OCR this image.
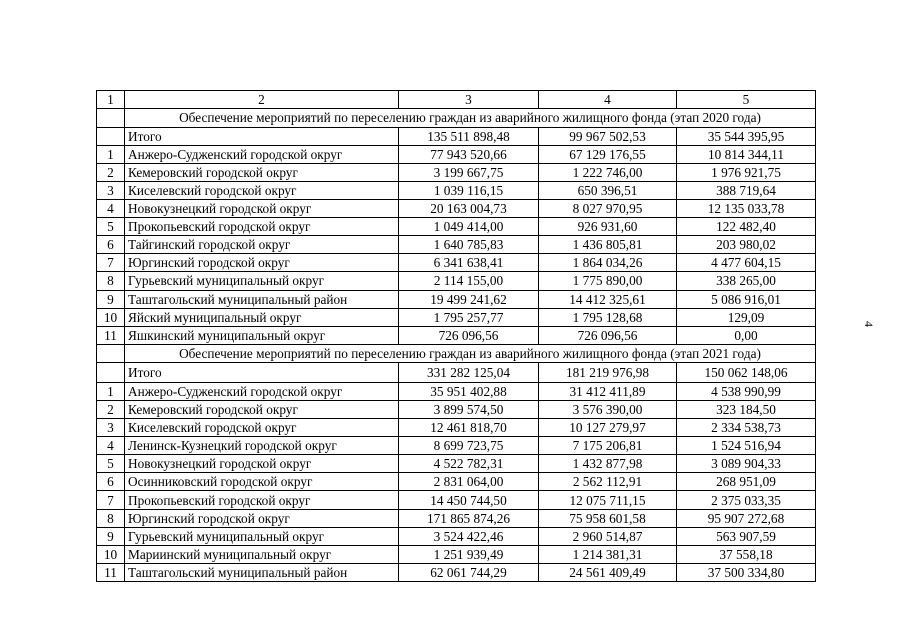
1	2	3	4	5
	Обеспечение мероприятий по переселению граждан из аварийного жилищного фонда (этап 2020 года)			
	Итого	135 511 898,48	99 967 502,53	35 544 395,95
1	Анжеро-Судженский городской округ	77 943 520,66	67 129 176,55	10 814 344,11
2	Кемеровский городской округ	3 199 667,75	1 222 746,00	1 976 921,75
3	Киселевский городской округ	1 039 116,15	650 396,51	388 719,64
4	Новокузнецкий городской округ	20 163 004,73	8 027 970,95	12 135 033,78
5	Прокопьевский городской округ	1 049 414,00	926 931,60	122 482,40
6	Тайгинский городской округ	1 640 785,83	1 436 805,81	203 980,02
7	Юргинский городской округ	6 341 638,41	1 864 034,26	4 477 604,15
8	Гурьевский муниципальный округ	2 114 155,00	1 775 890,00	338 265,00
9	Таштагольский муниципальный район	19 499 241,62	14 412 325,61	5 086 916,01
10	Яйский муниципальный округ	1 795 257,77	1 795 128,68	129,09
11	Яшкинский муниципальный округ	726 096,56	726 096,56	0,00
	Обеспечение мероприятий по переселению граждан из аварийного жилищного фонда (этап 2021 года)			
	Итого	331 282 125,04	181 219 976,98	150 062 148,06
1	Анжеро-Судженский городской округ	35 951 402,88	31 412 411,89	4 538 990,99
2	Кемеровский городской округ	3 899 574,50	3 576 390,00	323 184,50
3	Киселевский городской округ	12 461 818,70	10 127 279,97	2 334 538,73
4	Ленинск-Кузнецкий городской округ	8 699 723,75	7 175 206,81	1 524 516,94
5	Новокузнецкий городской округ	4 522 782,31	1 432 877,98	3 089 904,33
6	Осинниковский городской округ	2 831 064,00	2 562 112,91	268 951,09
7	Прокопьевский городской округ	14 450 744,50	12 075 711,15	2 375 033,35
8	Юргинский городской округ	171 865 874,26	75 958 601,58	95 907 272,68
9	Гурьевский муниципальный округ	3 524 422,46	2 960 514,87	563 907,59
10	Мариинский муниципальный округ	1 251 939,49	1 214 381,31	37 558,18
11	Таштагольский муниципальный район	62 061 744,29	24 561 409,49	37 500 334,80
4
